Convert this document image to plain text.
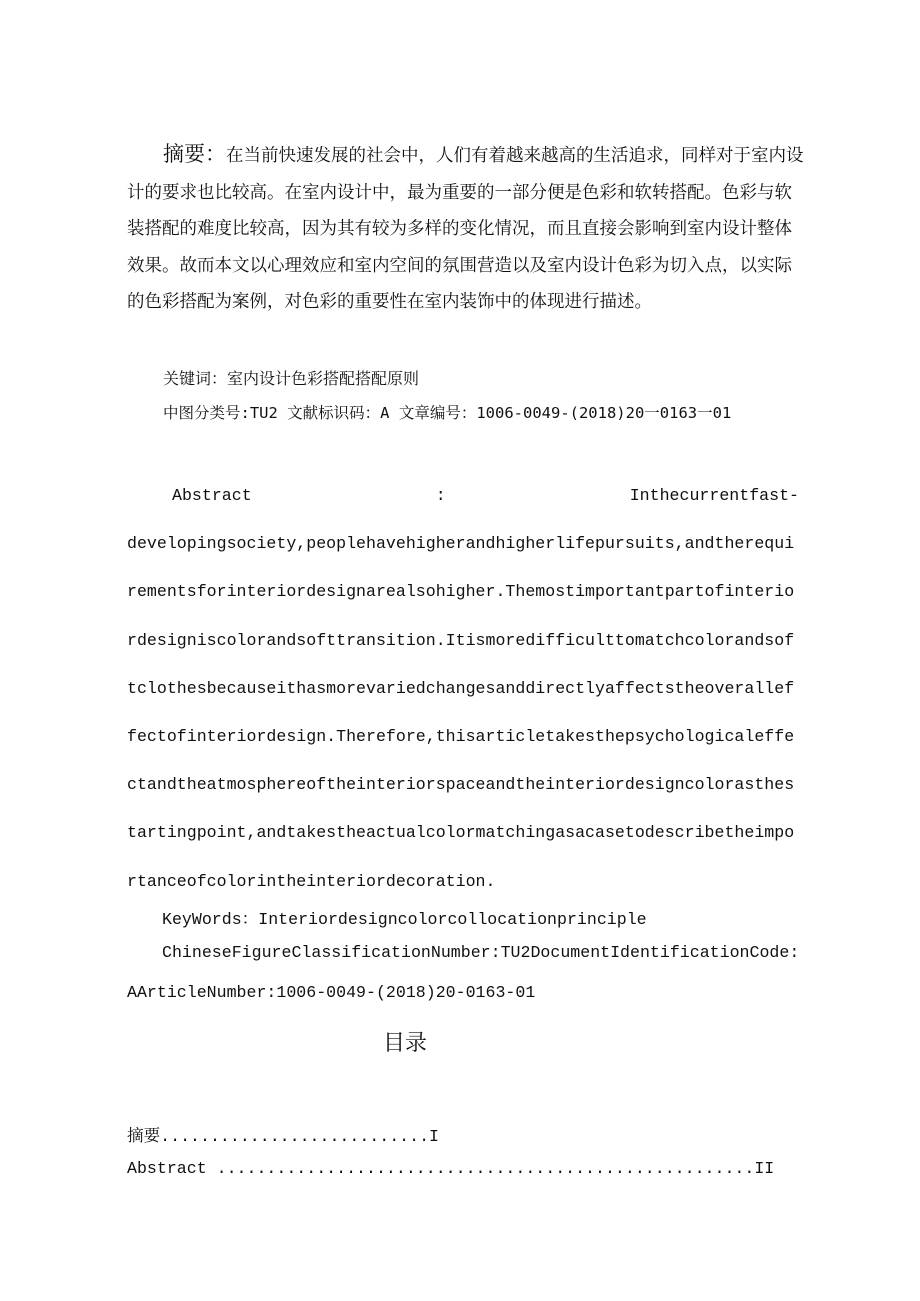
摘要：在当前快速发展的社会中，人们有着越来越高的生活追求，同样对于室内设计的要求也比较高。在室内设计中，最为重要的一部分便是色彩和软转搭配。色彩与软装搭配的难度比较高，因为其有较为多样的变化情况，而且直接会影响到室内设计整体效果。故而本文以心理效应和室内空间的氛围营造以及室内设计色彩为切入点，以实际的色彩搭配为案例，对色彩的重要性在室内装饰中的体现进行描述。
关键词：室内设计色彩搭配搭配原则
中图分类号:TU2 文献标识码：A 文章编号：1006-0049-(2018)20一0163一01
Abstract	:	Inthecurrentfast-
developingsociety,peoplehavehigherandhigherlifepursuits,andtherequirementsforinteriordesignarealsohigher.Themostimportantpartofinteriordesigniscolorandsofttransition.Itismoredifficulttomatchcolorandsoftclothesbecauseithasmorevariedchangesanddirectlyaffectstheoveralleffectofinteriordesign.Therefore,thisarticletakesthepsychologicaleffectandtheatmosphereoftheinteriorspaceandtheinteriordesigncolorasthestartingpoint,andtakestheactualcolormatchingasacasetodescribetheimportanceofcolorintheinteriordecoration.
KeyWords：Interiordesigncolorcollocationprinciple
ChineseFigureClassificationNumber:TU2DocumentIdentificationCode:
AArticleNumber:1006-0049-(2018)20-0163-01
目录
摘要...........................I
Abstract ......................................................II
